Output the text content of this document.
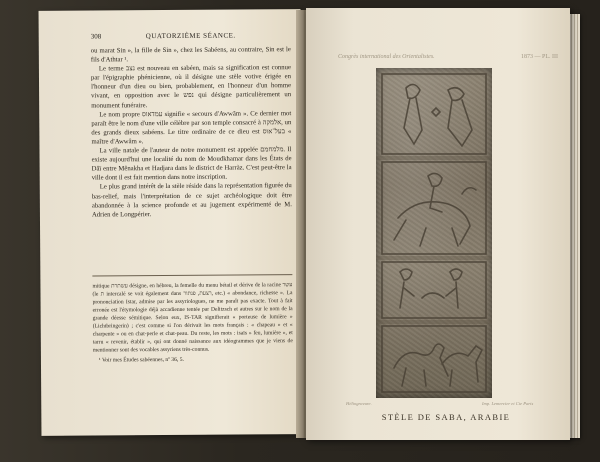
308	QUATORZIÈME SÉANCE.

ou marat Sin », la fille de Sin », chez les Sabéens, au contraire, Sin est le fils d'Athtar ¹.

Le terme נצב est nouveau en sabéen, mais sa signification est connue par l'épigraphie phénicienne, où il désigne une stèle votive érigée en l'honneur d'un dieu ou bien, probablement, en l'honneur d'un homme vivant, en opposition avec le נפש qui désigne particulièrement un monument funéraire.

Le nom propre עמדאוס signifie « secours d'Awwâm ». Ce dernier mot paraît être le nom d'une ville célèbre par son temple consacré à אלמקה, un des grands dieux sabéens. Le titre ordinaire de ce dieu est בעל־אוס « maître d'Awwâm ».

La ville natale de l'auteur de notre monument est appelée מלמחמם. Il existe aujourd'hui une localité du nom de Moudkhamar dans les États de Dâï entre Mênakha et Hadjara dans le district de Harràz. C'est peut-être la ville dont il est fait mention dans notre inscription.

Le plus grand intérêt de la stèle réside dans la représentation figurée du bas-relief, mais l'interprétation de ce sujet archéologique doit être abandonnée à la science profonde et au jugement expérimenté de M. Adrien de Longpérier.

mitique עשתרת désigne, en hébreu, la femelle du menu bétail et dérive de la racine עשר (le ת intercalé se voit également dans רצעת, פנתור, etc.) « abondance, richesse ». La prononciation Istar, admise par les assyriologues, ne me paraît pas exacte. Tout à fait erronée est l'étymologie déjà accadienne tentée par Delitzsch et autres sur le nom de la grande déesse sémitique. Selon eux, IS-TAR signifierait « porteuse de lumière » (Lichtbringerin) ; c'est comme si l'on dérivait les mots français : « chapeau » et « charpente » ou en chat-perle et chat-peau. Du reste, les mots : isaïs » feu, lumière », et tarru « revenir, établir », qui ont donné naissance aux idéogrammes que je viens de mentionner sont des vocables assyriens très-connus.

¹ Voir mes Études sabéennes, nº 36, 5.

Congrès international des Orientalistes.	1873 — PL. III
Héliogravure.	Imp. Lemercier et Cie Paris
STÈLE DE SABA, ARABIE
